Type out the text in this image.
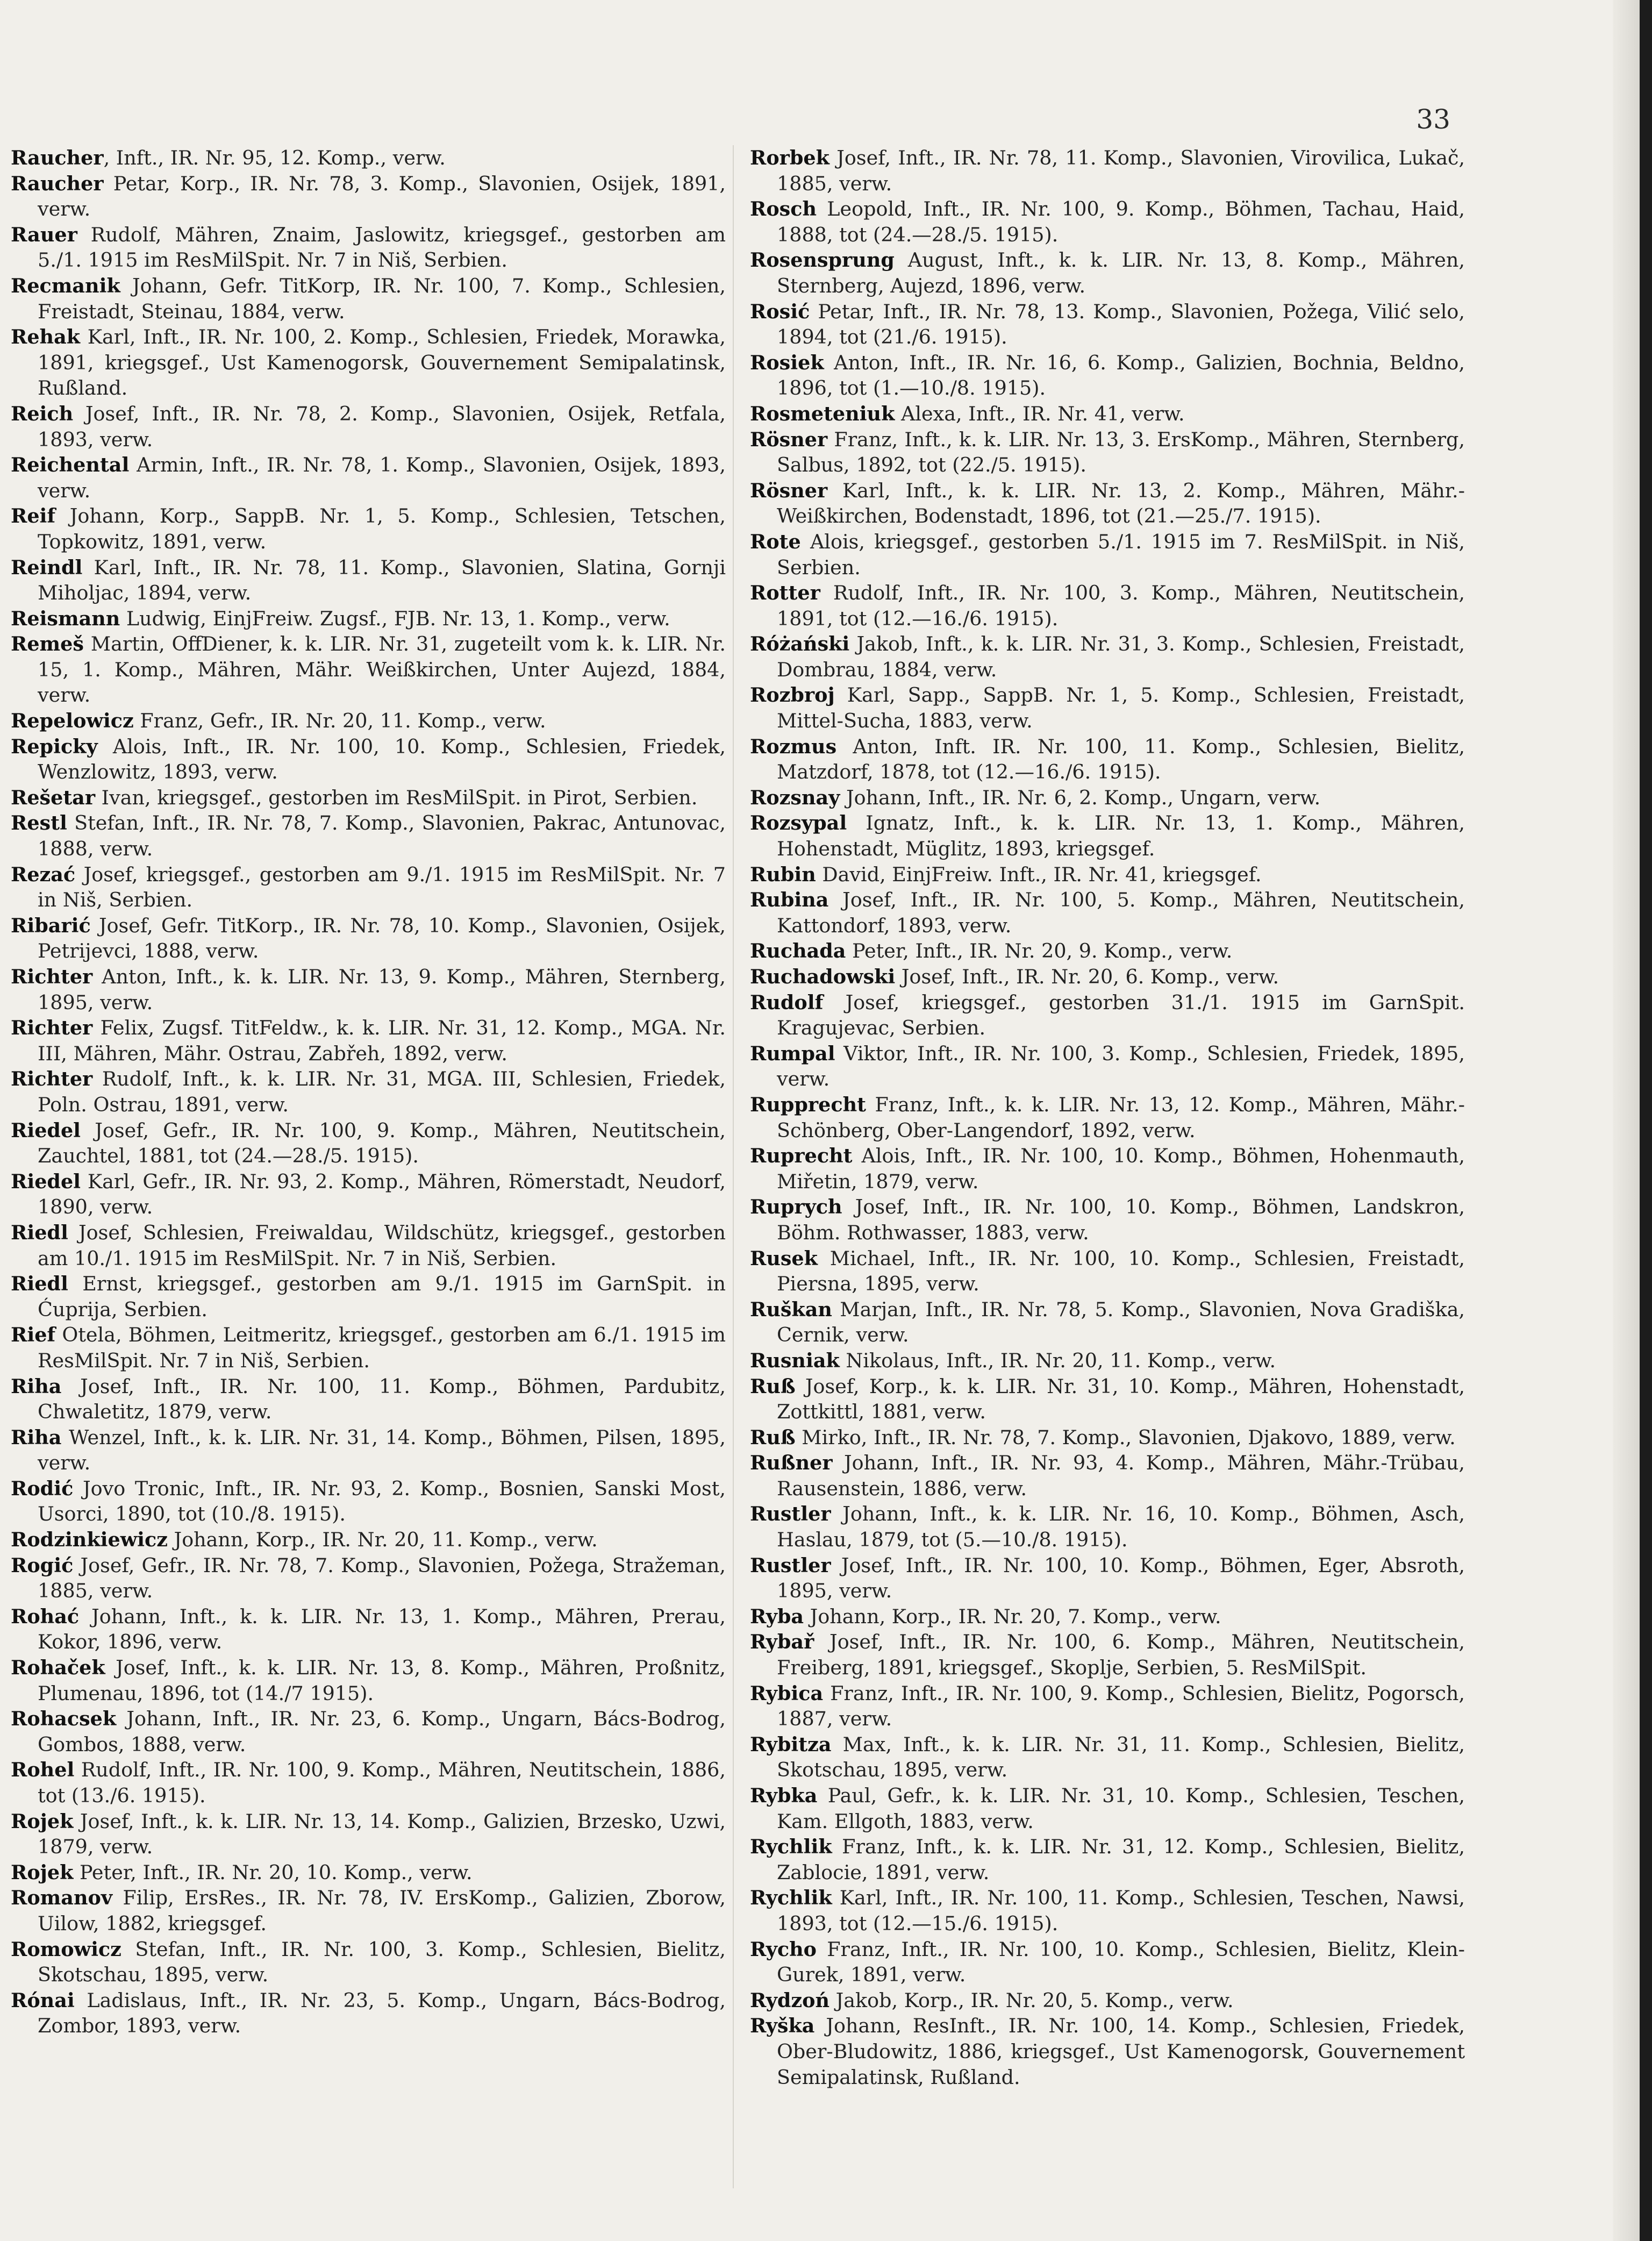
33

Raucher, Inft., IR. Nr. 95, 12. Komp., verw.

Raucher Petar, Korp., IR. Nr. 78, 3. Komp., Slavonien, Osijek, 1891, verw.

Rauer Rudolf, Mähren, Znaim, Jaslowitz, kriegsgef., gestorben am 5./1. 1915 im ResMilSpit. Nr. 7 in Niš, Serbien.

Recmanik Johann, Gefr. TitKorp, IR. Nr. 100, 7. Komp., Schlesien, Freistadt, Steinau, 1884, verw.

Rehak Karl, Inft., IR. Nr. 100, 2. Komp., Schlesien, Friedek, Morawka, 1891, kriegsgef., Ust Kamenogorsk, Gouvernement Semipalatinsk, Rußland.

Reich Josef, Inft., IR. Nr. 78, 2. Komp., Slavonien, Osijek, Retfala, 1893, verw.

Reichental Armin, Inft., IR. Nr. 78, 1. Komp., Slavonien, Osijek, 1893, verw.

Reif Johann, Korp., SappB. Nr. 1, 5. Komp., Schlesien, Tetschen, Topkowitz, 1891, verw.

Reindl Karl, Inft., IR. Nr. 78, 11. Komp., Slavonien, Slatina, Gornji Miholjac, 1894, verw.

Reismann Ludwig, EinjFreiw. Zugsf., FJB. Nr. 13, 1. Komp., verw.

Remeš Martin, OffDiener, k. k. LIR. Nr. 31, zugeteilt vom k. k. LIR. Nr. 15, 1. Komp., Mähren, Mähr. Weißkirchen, Unter Aujezd, 1884, verw.

Repelowicz Franz, Gefr., IR. Nr. 20, 11. Komp., verw.

Repicky Alois, Inft., IR. Nr. 100, 10. Komp., Schlesien, Friedek, Wenzlowitz, 1893, verw.

Rešetar Ivan, kriegsgef., gestorben im ResMilSpit. in Pirot, Serbien.

Restl Stefan, Inft., IR. Nr. 78, 7. Komp., Slavonien, Pakrac, Antunovac, 1888, verw.

Rezać Josef, kriegsgef., gestorben am 9./1. 1915 im ResMilSpit. Nr. 7 in Niš, Serbien.

Ribarić Josef, Gefr. TitKorp., IR. Nr. 78, 10. Komp., Slavonien, Osijek, Petrijevci, 1888, verw.

Richter Anton, Inft., k. k. LIR. Nr. 13, 9. Komp., Mähren, Sternberg, 1895, verw.

Richter Felix, Zugsf. TitFeldw., k. k. LIR. Nr. 31, 12. Komp., MGA. Nr. III, Mähren, Mähr. Ostrau, Zabřeh, 1892, verw.

Richter Rudolf, Inft., k. k. LIR. Nr. 31, MGA. III, Schlesien, Friedek, Poln. Ostrau, 1891, verw.

Riedel Josef, Gefr., IR. Nr. 100, 9. Komp., Mähren, Neutitschein, Zauchtel, 1881, tot (24.—28./5. 1915).

Riedel Karl, Gefr., IR. Nr. 93, 2. Komp., Mähren, Römerstadt, Neudorf, 1890, verw.

Riedl Josef, Schlesien, Freiwaldau, Wildschütz, kriegsgef., gestorben am 10./1. 1915 im ResMilSpit. Nr. 7 in Niš, Serbien.

Riedl Ernst, kriegsgef., gestorben am 9./1. 1915 im GarnSpit. in Ćuprija, Serbien.

Rief Otela, Böhmen, Leitmeritz, kriegsgef., gestorben am 6./1. 1915 im ResMilSpit. Nr. 7 in Niš, Serbien.

Riha Josef, Inft., IR. Nr. 100, 11. Komp., Böhmen, Pardubitz, Chwaletitz, 1879, verw.

Riha Wenzel, Inft., k. k. LIR. Nr. 31, 14. Komp., Böhmen, Pilsen, 1895, verw.

Rodić Jovo Tronic, Inft., IR. Nr. 93, 2. Komp., Bosnien, Sanski Most, Usorci, 1890, tot (10./8. 1915).

Rodzinkiewicz Johann, Korp., IR. Nr. 20, 11. Komp., verw.

Rogić Josef, Gefr., IR. Nr. 78, 7. Komp., Slavonien, Požega, Stražeman, 1885, verw.

Rohać Johann, Inft., k. k. LIR. Nr. 13, 1. Komp., Mähren, Prerau, Kokor, 1896, verw.

Rohaček Josef, Inft., k. k. LIR. Nr. 13, 8. Komp., Mähren, Proßnitz, Plumenau, 1896, tot (14./7 1915).

Rohacsek Johann, Inft., IR. Nr. 23, 6. Komp., Ungarn, Bács-Bodrog, Gombos, 1888, verw.

Rohel Rudolf, Inft., IR. Nr. 100, 9. Komp., Mähren, Neutitschein, 1886, tot (13./6. 1915).

Rojek Josef, Inft., k. k. LIR. Nr. 13, 14. Komp., Galizien, Brzesko, Uzwi, 1879, verw.

Rojek Peter, Inft., IR. Nr. 20, 10. Komp., verw.

Romanov Filip, ErsRes., IR. Nr. 78, IV. ErsKomp., Galizien, Zborow, Uilow, 1882, kriegsgef.

Romowicz Stefan, Inft., IR. Nr. 100, 3. Komp., Schlesien, Bielitz, Skotschau, 1895, verw.

Rónai Ladislaus, Inft., IR. Nr. 23, 5. Komp., Ungarn, Bács-Bodrog, Zombor, 1893, verw.

Rorbek Josef, Inft., IR. Nr. 78, 11. Komp., Slavonien, Virovilica, Lukač, 1885, verw.

Rosch Leopold, Inft., IR. Nr. 100, 9. Komp., Böhmen, Tachau, Haid, 1888, tot (24.—28./5. 1915).

Rosensprung August, Inft., k. k. LIR. Nr. 13, 8. Komp., Mähren, Sternberg, Aujezd, 1896, verw.

Rosić Petar, Inft., IR. Nr. 78, 13. Komp., Slavonien, Požega, Vilić selo, 1894, tot (21./6. 1915).

Rosiek Anton, Inft., IR. Nr. 16, 6. Komp., Galizien, Bochnia, Beldno, 1896, tot (1.—10./8. 1915).

Rosmeteniuk Alexa, Inft., IR. Nr. 41, verw.

Rösner Franz, Inft., k. k. LIR. Nr. 13, 3. ErsKomp., Mähren, Sternberg, Salbus, 1892, tot (22./5. 1915).

Rösner Karl, Inft., k. k. LIR. Nr. 13, 2. Komp., Mähren, Mähr.-Weißkirchen, Bodenstadt, 1896, tot (21.—25./7. 1915).

Rote Alois, kriegsgef., gestorben 5./1. 1915 im 7. ResMilSpit. in Niš, Serbien.

Rotter Rudolf, Inft., IR. Nr. 100, 3. Komp., Mähren, Neutitschein, 1891, tot (12.—16./6. 1915).

Różański Jakob, Inft., k. k. LIR. Nr. 31, 3. Komp., Schlesien, Freistadt, Dombrau, 1884, verw.

Rozbroj Karl, Sapp., SappB. Nr. 1, 5. Komp., Schlesien, Freistadt, Mittel-Sucha, 1883, verw.

Rozmus Anton, Inft. IR. Nr. 100, 11. Komp., Schlesien, Bielitz, Matzdorf, 1878, tot (12.—16./6. 1915).

Rozsnay Johann, Inft., IR. Nr. 6, 2. Komp., Ungarn, verw.

Rozsypal Ignatz, Inft., k. k. LIR. Nr. 13, 1. Komp., Mähren, Hohenstadt, Müglitz, 1893, kriegsgef.

Rubin David, EinjFreiw. Inft., IR. Nr. 41, kriegsgef.

Rubina Josef, Inft., IR. Nr. 100, 5. Komp., Mähren, Neutitschein, Kattondorf, 1893, verw.

Ruchada Peter, Inft., IR. Nr. 20, 9. Komp., verw.

Ruchadowski Josef, Inft., IR. Nr. 20, 6. Komp., verw.

Rudolf Josef, kriegsgef., gestorben 31./1. 1915 im GarnSpit. Kragujevac, Serbien.

Rumpal Viktor, Inft., IR. Nr. 100, 3. Komp., Schlesien, Friedek, 1895, verw.

Rupprecht Franz, Inft., k. k. LIR. Nr. 13, 12. Komp., Mähren, Mähr.-Schönberg, Ober-Langendorf, 1892, verw.

Ruprecht Alois, Inft., IR. Nr. 100, 10. Komp., Böhmen, Hohenmauth, Miřetin, 1879, verw.

Ruprych Josef, Inft., IR. Nr. 100, 10. Komp., Böhmen, Landskron, Böhm. Rothwasser, 1883, verw.

Rusek Michael, Inft., IR. Nr. 100, 10. Komp., Schlesien, Freistadt, Piersna, 1895, verw.

Ruškan Marjan, Inft., IR. Nr. 78, 5. Komp., Slavonien, Nova Gradiška, Cernik, verw.

Rusniak Nikolaus, Inft., IR. Nr. 20, 11. Komp., verw.

Ruß Josef, Korp., k. k. LIR. Nr. 31, 10. Komp., Mähren, Hohenstadt, Zottkittl, 1881, verw.

Ruß Mirko, Inft., IR. Nr. 78, 7. Komp., Slavonien, Djakovo, 1889, verw.

Rußner Johann, Inft., IR. Nr. 93, 4. Komp., Mähren, Mähr.-Trübau, Rausenstein, 1886, verw.

Rustler Johann, Inft., k. k. LIR. Nr. 16, 10. Komp., Böhmen, Asch, Haslau, 1879, tot (5.—10./8. 1915).

Rustler Josef, Inft., IR. Nr. 100, 10. Komp., Böhmen, Eger, Absroth, 1895, verw.

Ryba Johann, Korp., IR. Nr. 20, 7. Komp., verw.

Rybař Josef, Inft., IR. Nr. 100, 6. Komp., Mähren, Neutitschein, Freiberg, 1891, kriegsgef., Skoplje, Serbien, 5. ResMilSpit.

Rybica Franz, Inft., IR. Nr. 100, 9. Komp., Schlesien, Bielitz, Pogorsch, 1887, verw.

Rybitza Max, Inft., k. k. LIR. Nr. 31, 11. Komp., Schlesien, Bielitz, Skotschau, 1895, verw.

Rybka Paul, Gefr., k. k. LIR. Nr. 31, 10. Komp., Schlesien, Teschen, Kam. Ellgoth, 1883, verw.

Rychlik Franz, Inft., k. k. LIR. Nr. 31, 12. Komp., Schlesien, Bielitz, Zablocie, 1891, verw.

Rychlik Karl, Inft., IR. Nr. 100, 11. Komp., Schlesien, Teschen, Nawsi, 1893, tot (12.—15./6. 1915).

Rycho Franz, Inft., IR. Nr. 100, 10. Komp., Schlesien, Bielitz, Klein-Gurek, 1891, verw.

Rydzoń Jakob, Korp., IR. Nr. 20, 5. Komp., verw.

Ryška Johann, ResInft., IR. Nr. 100, 14. Komp., Schlesien, Friedek, Ober-Bludowitz, 1886, kriegsgef., Ust Kamenogorsk, Gouvernement Semipalatinsk, Rußland.
